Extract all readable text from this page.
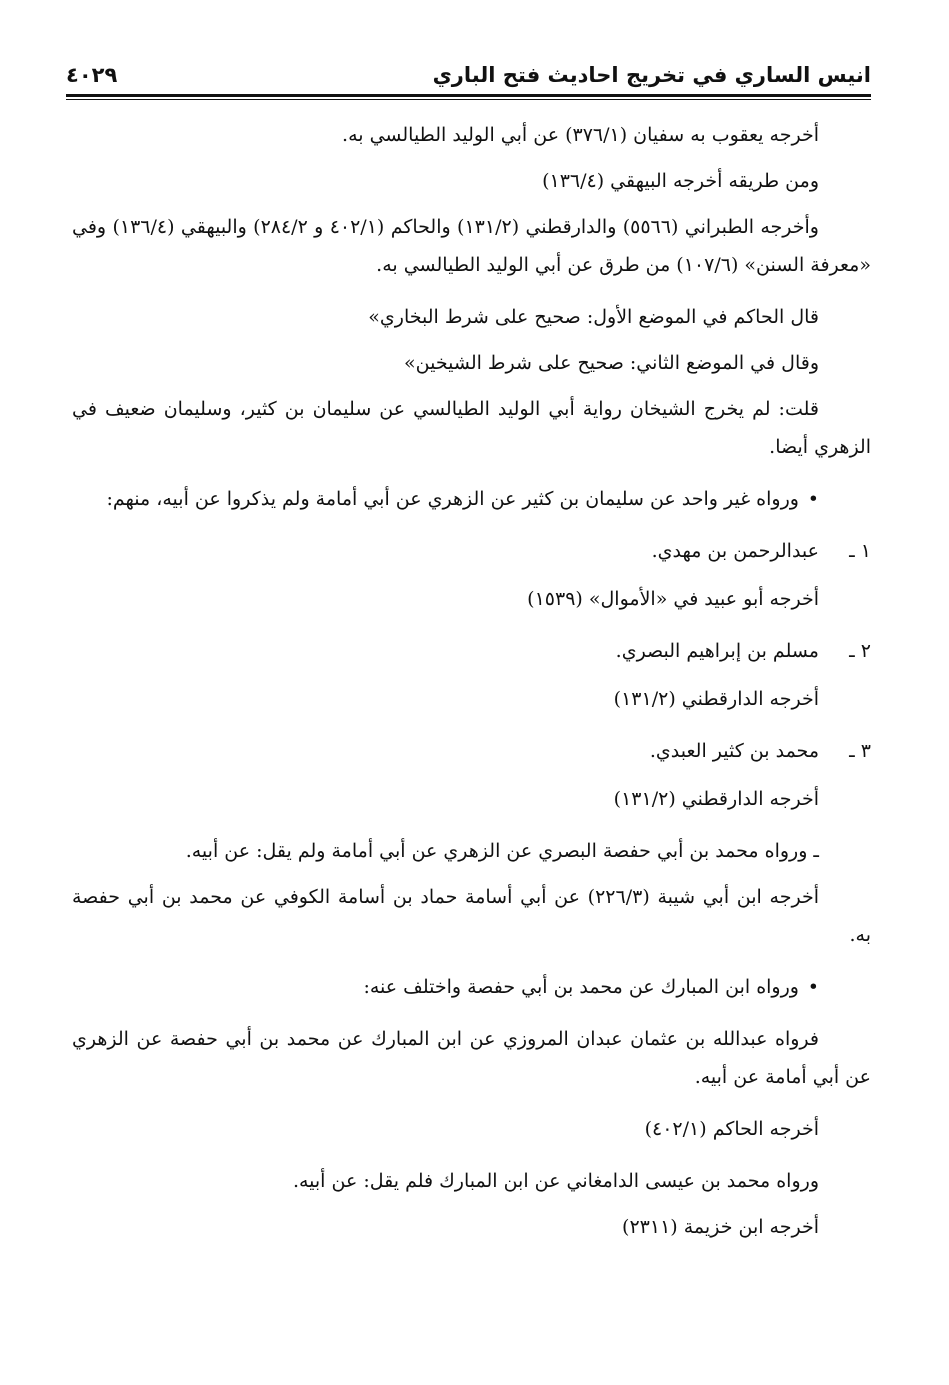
انيس الساري في تخريج احاديث فتح الباري
٤٠٢٩
أخرجه يعقوب به سفيان (٣٧٦/١) عن أبي الوليد الطيالسي به.
ومن طريقه أخرجه البيهقي (١٣٦/٤)
وأخرجه الطبراني (٥٥٦٦) والدارقطني (١٣١/٢) والحاكم (٤٠٢/١ و ٢٨٤/٢) والبيهقي (١٣٦/٤) وفي «معرفة السنن» (١٠٧/٦) من طرق عن أبي الوليد الطيالسي به.
قال الحاكم في الموضع الأول: صحيح على شرط البخاري»
وقال في الموضع الثاني: صحيح على شرط الشيخين»
قلت: لم يخرج الشيخان رواية أبي الوليد الطيالسي عن سليمان بن كثير، وسليمان ضعيف في الزهري أيضا.
• ورواه غير واحد عن سليمان بن كثير عن الزهري عن أبي أمامة ولم يذكروا عن أبيه، منهم:
١ ـ
عبدالرحمن بن مهدي.
أخرجه أبو عبيد في «الأموال» (١٥٣٩)
٢ ـ
مسلم بن إبراهيم البصري.
أخرجه الدارقطني (١٣١/٢)
٣ ـ
محمد بن كثير العبدي.
أخرجه الدارقطني (١٣١/٢)
ـ ورواه محمد بن أبي حفصة البصري عن الزهري عن أبي أمامة ولم يقل: عن أبيه.
أخرجه ابن أبي شيبة (٢٢٦/٣) عن أبي أسامة حماد بن أسامة الكوفي عن محمد بن أبي حفصة به.
• ورواه ابن المبارك عن محمد بن أبي حفصة واختلف عنه:
فرواه عبدالله بن عثمان عبدان المروزي عن ابن المبارك عن محمد بن أبي حفصة عن الزهري عن أبي أمامة عن أبيه.
أخرجه الحاكم (٤٠٢/١)
ورواه محمد بن عيسى الدامغاني عن ابن المبارك فلم يقل: عن أبيه.
أخرجه ابن خزيمة (٢٣١١)
